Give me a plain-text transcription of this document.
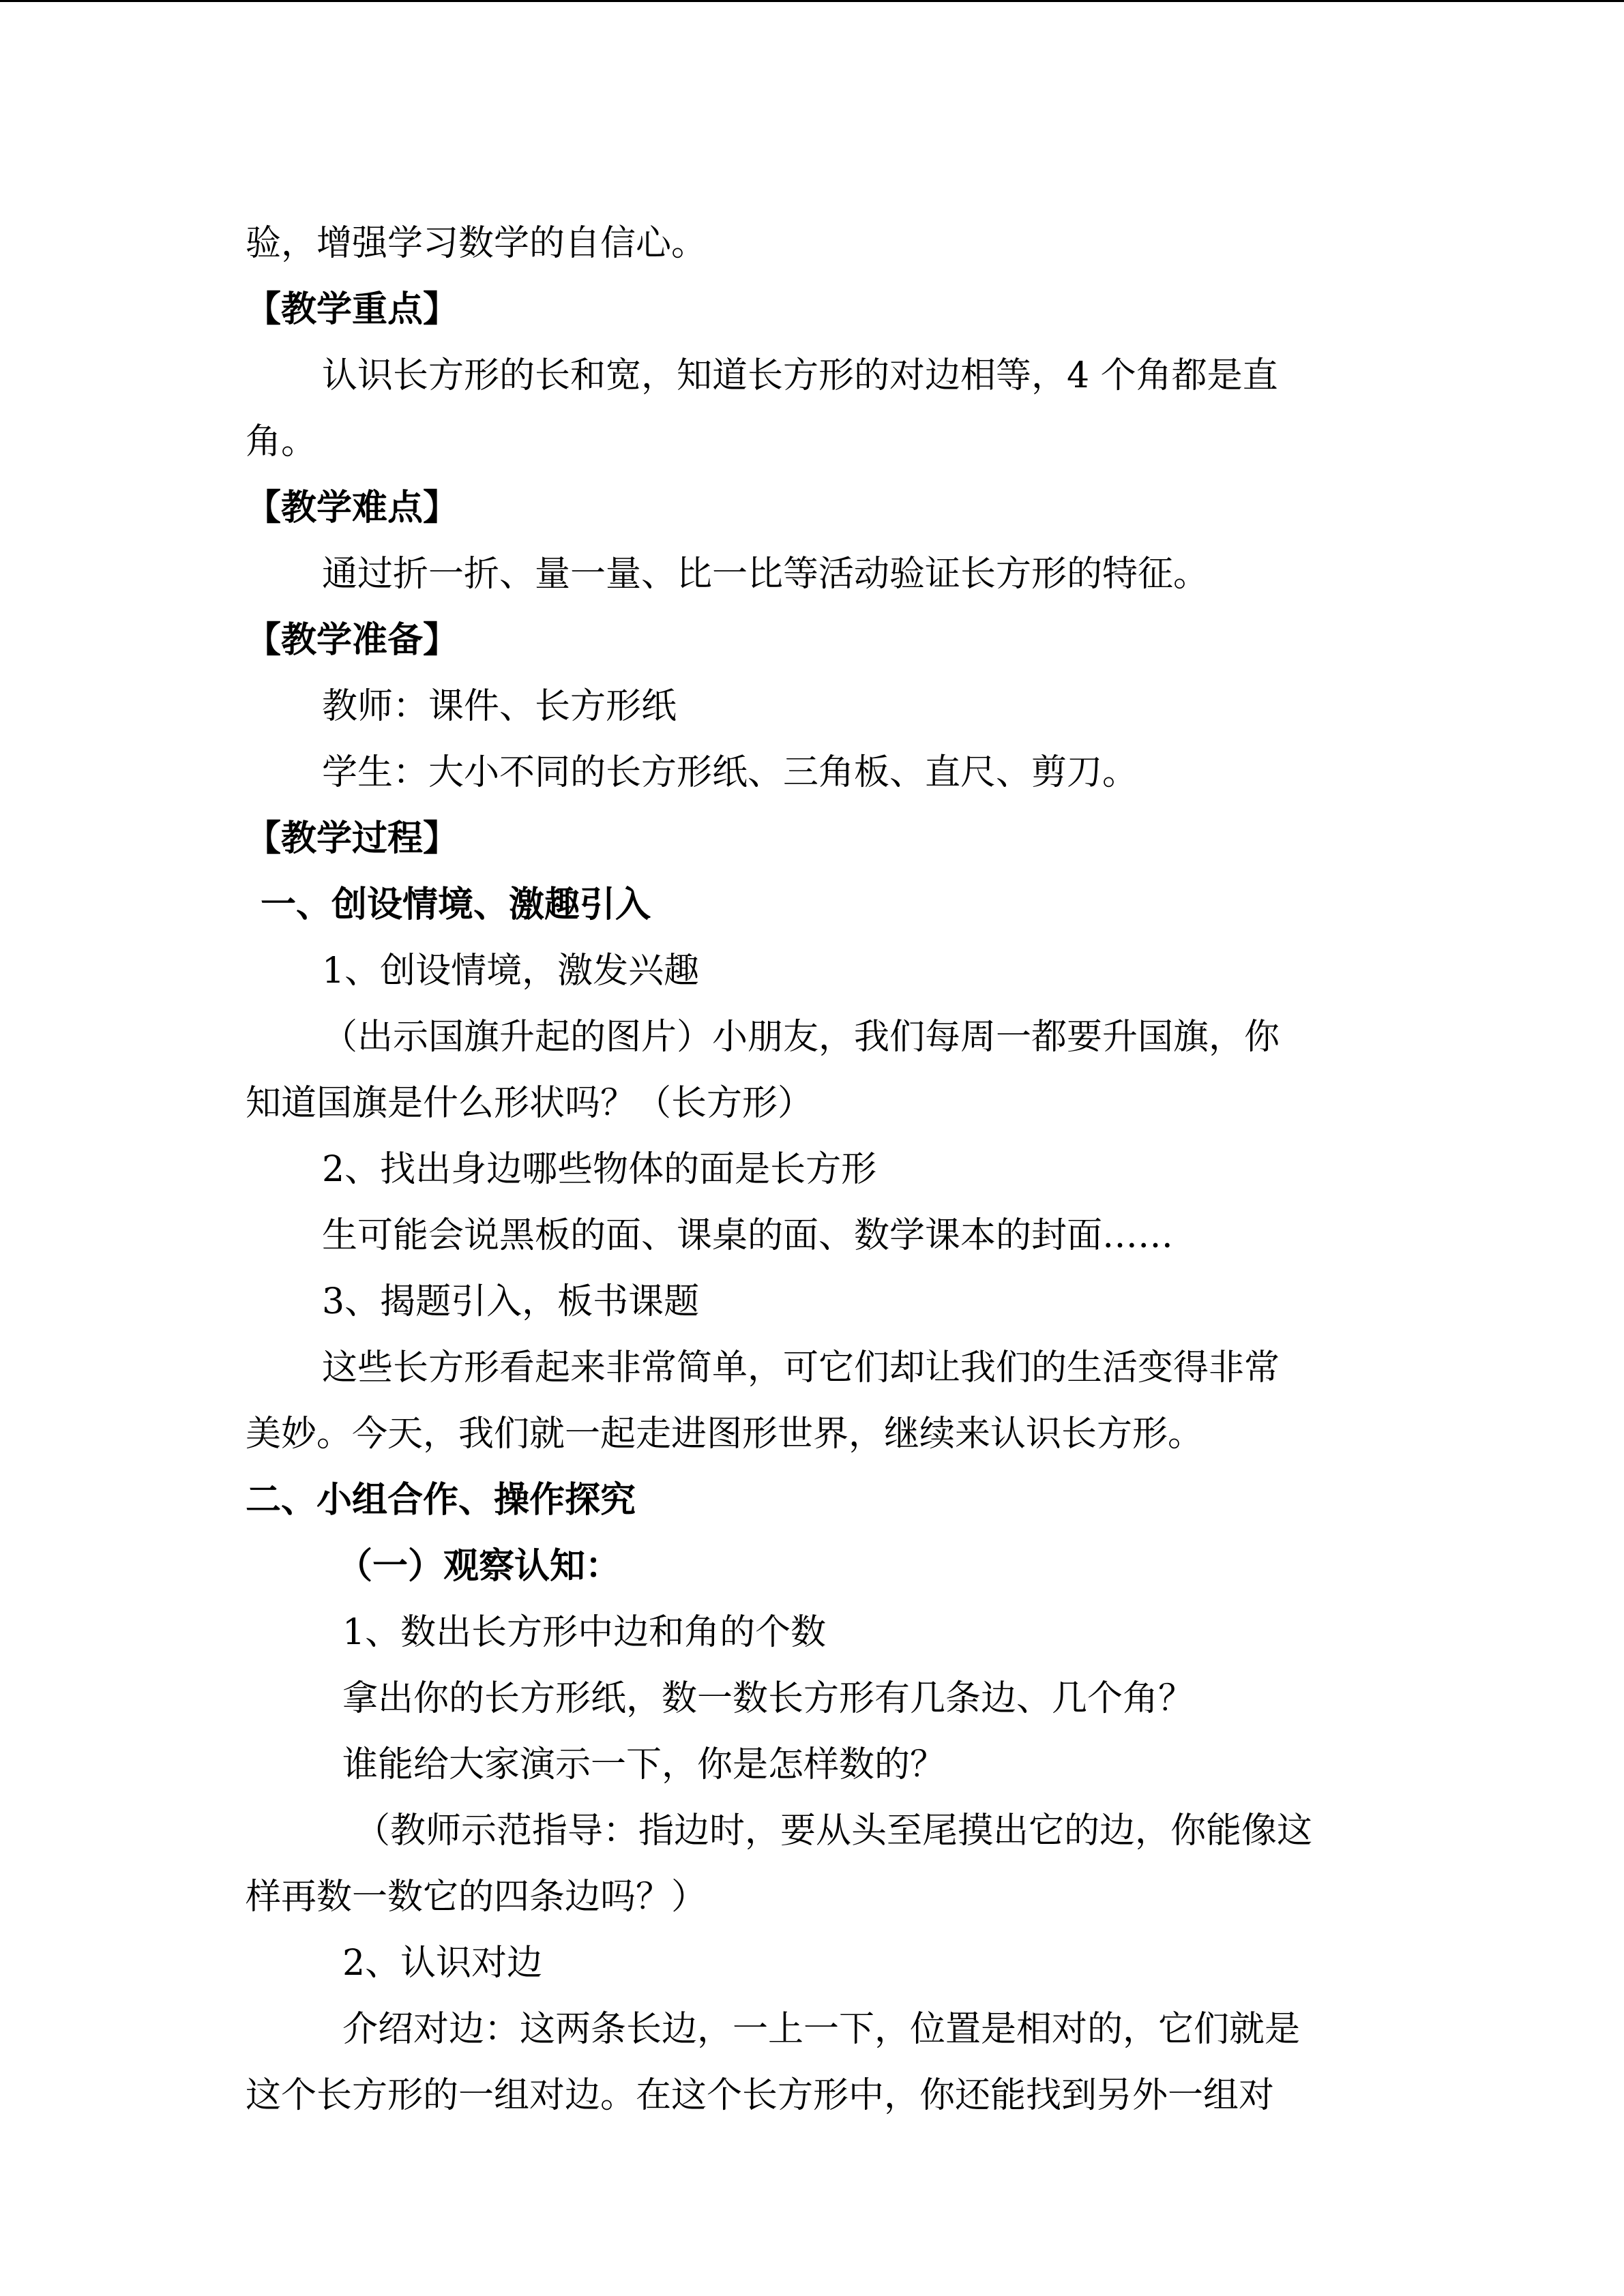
验，增强学习数学的自信心。
【教学重点】
认识长方形的长和宽，知道长方形的对边相等，4 个角都是直
角。
【教学难点】
通过折一折、量一量、比一比等活动验证长方形的特征。
【教学准备】
教师：课件、长方形纸
学生：大小不同的长方形纸、三角板、直尺、剪刀。
【教学过程】
一、创设情境、激趣引入
1、创设情境，激发兴趣
（出示国旗升起的图片）小朋友，我们每周一都要升国旗，你
知道国旗是什么形状吗？（长方形）
2、找出身边哪些物体的面是长方形
生可能会说黑板的面、课桌的面、数学课本的封面……
3、揭题引入，板书课题
这些长方形看起来非常简单，可它们却让我们的生活变得非常
美妙。今天，我们就一起走进图形世界，继续来认识长方形。
二、小组合作、操作探究
（一）观察认知：
1、数出长方形中边和角的个数
拿出你的长方形纸，数一数长方形有几条边、几个角？
谁能给大家演示一下，你是怎样数的？
（教师示范指导：指边时，要从头至尾摸出它的边，你能像这
样再数一数它的四条边吗？）
2、认识对边
介绍对边：这两条长边，一上一下，位置是相对的，它们就是
这个长方形的一组对边。在这个长方形中，你还能找到另外一组对
